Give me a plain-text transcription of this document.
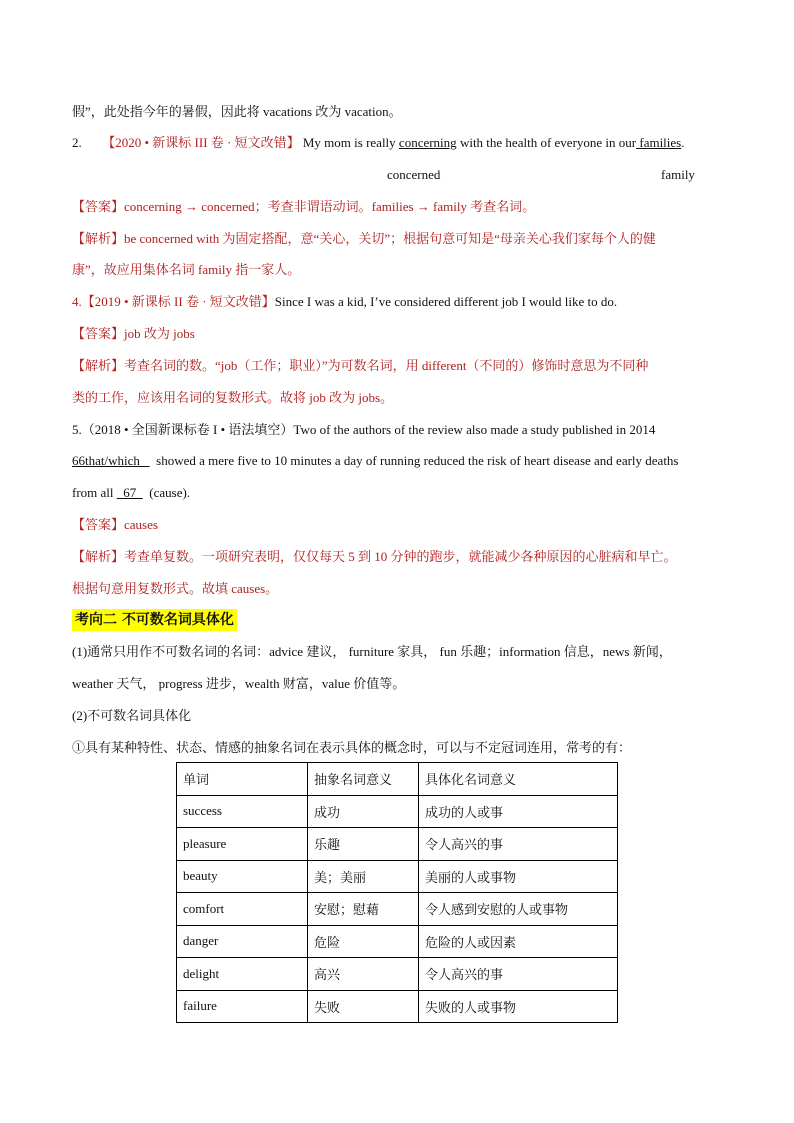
假”，此处指今年的暑假，因此将 vacations 改为 vacation。
2. 【2020 • 新课标 III 卷 · 短文改错】 My mom is really concerning with the health of everyone in our families.
concerned	family
【答案】concerning → concerned；考查非谓语动词。families → family 考查名词。
【解析】be concerned with 为固定搭配，意“关心，关切”；根据句意可知是“母亲关心我们家每个人的健
康”，故应用集体名词 family 指一家人。
4.【2019 • 新课标 II 卷 · 短文改错】Since I was a kid, I’ve considered different job I would like to do.
【答案】job 改为 jobs
【解析】考查名词的数。“job（工作；职业）”为可数名词，用 different（不同的）修饰时意思为不同种
类的工作，应该用名词的复数形式。故将 job 改为 jobs。
5.（2018 • 全国新课标卷 I • 语法填空）Two of the authors of the review also made a study published in 2014
66that/which     showed a mere five to 10 minutes a day of running reduced the risk of heart disease and early deaths
from all   67    (cause).
【答案】causes
【解析】考查单复数。一项研究表明，仅仅每天 5 到 10 分钟的跑步，就能减少各种原因的心脏病和早亡。
根据句意用复数形式。故填 causes。
考向二 不可数名词具体化
(1)通常只用作不可数名词的名词：advice 建议， furniture 家具， fun 乐趣；information 信息，news 新闻，
weather 天气， progress 进步，wealth 财富，value 价值等。
(2)不可数名词具体化
①具有某种特性、状态、情感的抽象名词在表示具体的概念时，可以与不定冠词连用，常考的有：
单词	抽象名词意义	具体化名词意义
success	成功	成功的人或事
pleasure	乐趣	令人高兴的事
beauty	美；美丽	美丽的人或事物
comfort	安慰；慰藉	令人感到安慰的人或事物
danger	危险	危险的人或因素
delight	高兴	令人高兴的事
failure	失败	失败的人或事物
